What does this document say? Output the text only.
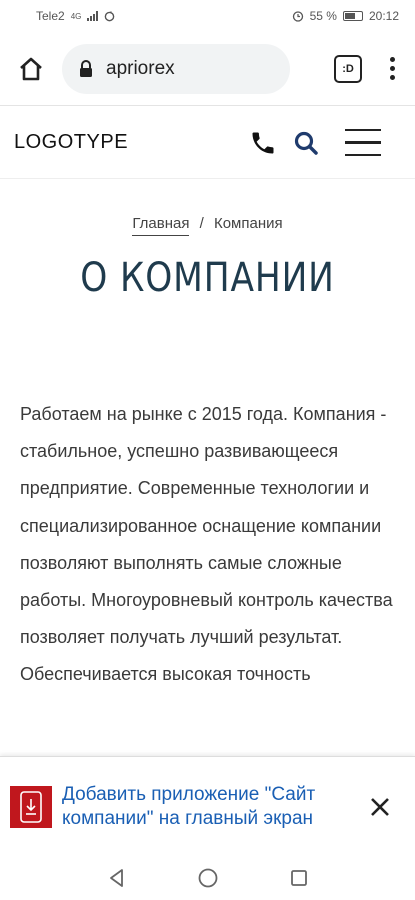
Tele2 4G	55 %	20:12
apriorex	:D
LOGOTYPE
Главная / Компания
О КОМПАНИИ
Работаем на рынке с 2015 года. Компания - стабильное, успешно развивающееся предприятие. Современные технологии и специализированное оснащение компании позволяют выполнять самые сложные работы. Многоуровневый контроль качества позволяет получать лучший результат. Обеспечивается высокая точность
Добавить приложение "Сайт компании" на главный экран
